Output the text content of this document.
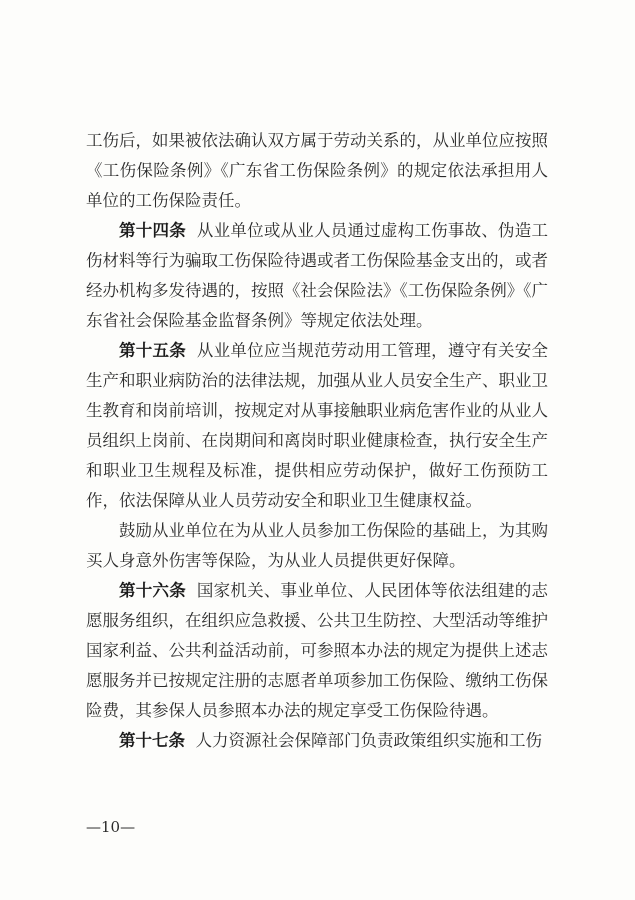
工伤后，如果被依法确认双方属于劳动关系的，从业单位应按照《工伤保险条例》《广东省工伤保险条例》的规定依法承担用人单位的工伤保险责任。

第十四条 从业单位或从业人员通过虚构工伤事故、伪造工伤材料等行为骗取工伤保险待遇或者工伤保险基金支出的，或者经办机构多发待遇的，按照《社会保险法》《工伤保险条例》《广东省社会保险基金监督条例》等规定依法处理。

第十五条 从业单位应当规范劳动用工管理，遵守有关安全生产和职业病防治的法律法规，加强从业人员安全生产、职业卫生教育和岗前培训，按规定对从事接触职业病危害作业的从业人员组织上岗前、在岗期间和离岗时职业健康检查，执行安全生产和职业卫生规程及标准，提供相应劳动保护，做好工伤预防工作，依法保障从业人员劳动安全和职业卫生健康权益。

鼓励从业单位在为从业人员参加工伤保险的基础上，为其购买人身意外伤害等保险，为从业人员提供更好保障。

第十六条 国家机关、事业单位、人民团体等依法组建的志愿服务组织，在组织应急救援、公共卫生防控、大型活动等维护国家利益、公共利益活动前，可参照本办法的规定为提供上述志愿服务并已按规定注册的志愿者单项参加工伤保险、缴纳工伤保险费，其参保人员参照本办法的规定享受工伤保险待遇。

第十七条 人力资源社会保障部门负责政策组织实施和工伤

—10—
